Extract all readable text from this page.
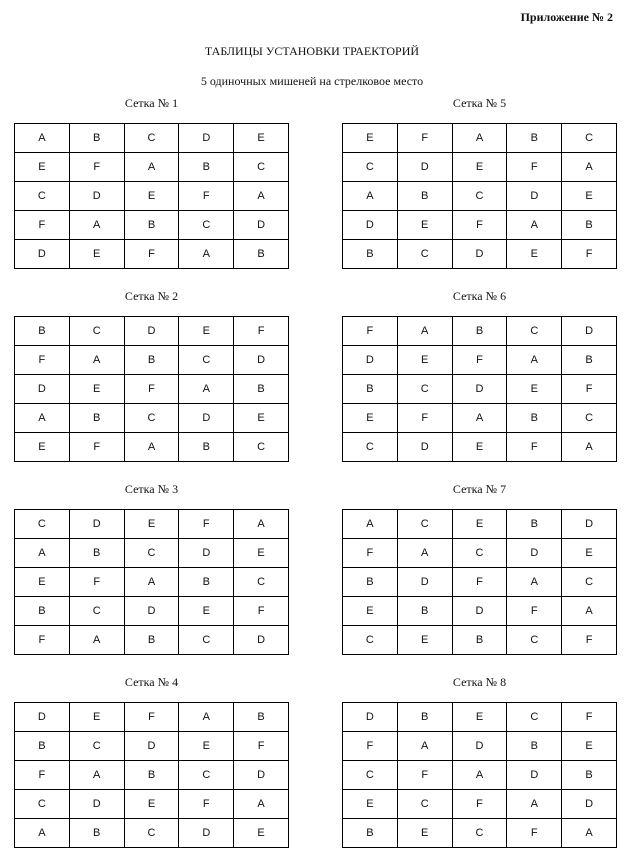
Приложение № 2
ТАБЛИЦЫ УСТАНОВКИ ТРАЕКТОРИЙ
5 одиночных мишеней на стрелковое место
Сетка № 1
A	B	C	D	E
E	F	A	B	C
C	D	E	F	A
F	A	B	C	D
D	E	F	A	B
Сетка № 5
E	F	A	B	C
C	D	E	F	A
A	B	C	D	E
D	E	F	A	B
B	C	D	E	F
Сетка № 2
B	C	D	E	F
F	A	B	C	D
D	E	F	A	B
A	B	C	D	E
E	F	A	B	C
Сетка № 6
F	A	B	C	D
D	E	F	A	B
B	C	D	E	F
E	F	A	B	C
C	D	E	F	A
Сетка № 3
C	D	E	F	A
A	B	C	D	E
E	F	A	B	C
B	C	D	E	F
F	A	B	C	D
Сетка № 7
A	C	E	B	D
F	A	C	D	E
B	D	F	A	C
E	B	D	F	A
C	E	B	C	F
Сетка № 4
D	E	F	A	B
B	C	D	E	F
F	A	B	C	D
C	D	E	F	A
A	B	C	D	E
Сетка № 8
D	B	E	C	F
F	A	D	B	E
C	F	A	D	B
E	C	F	A	D
B	E	C	F	A
